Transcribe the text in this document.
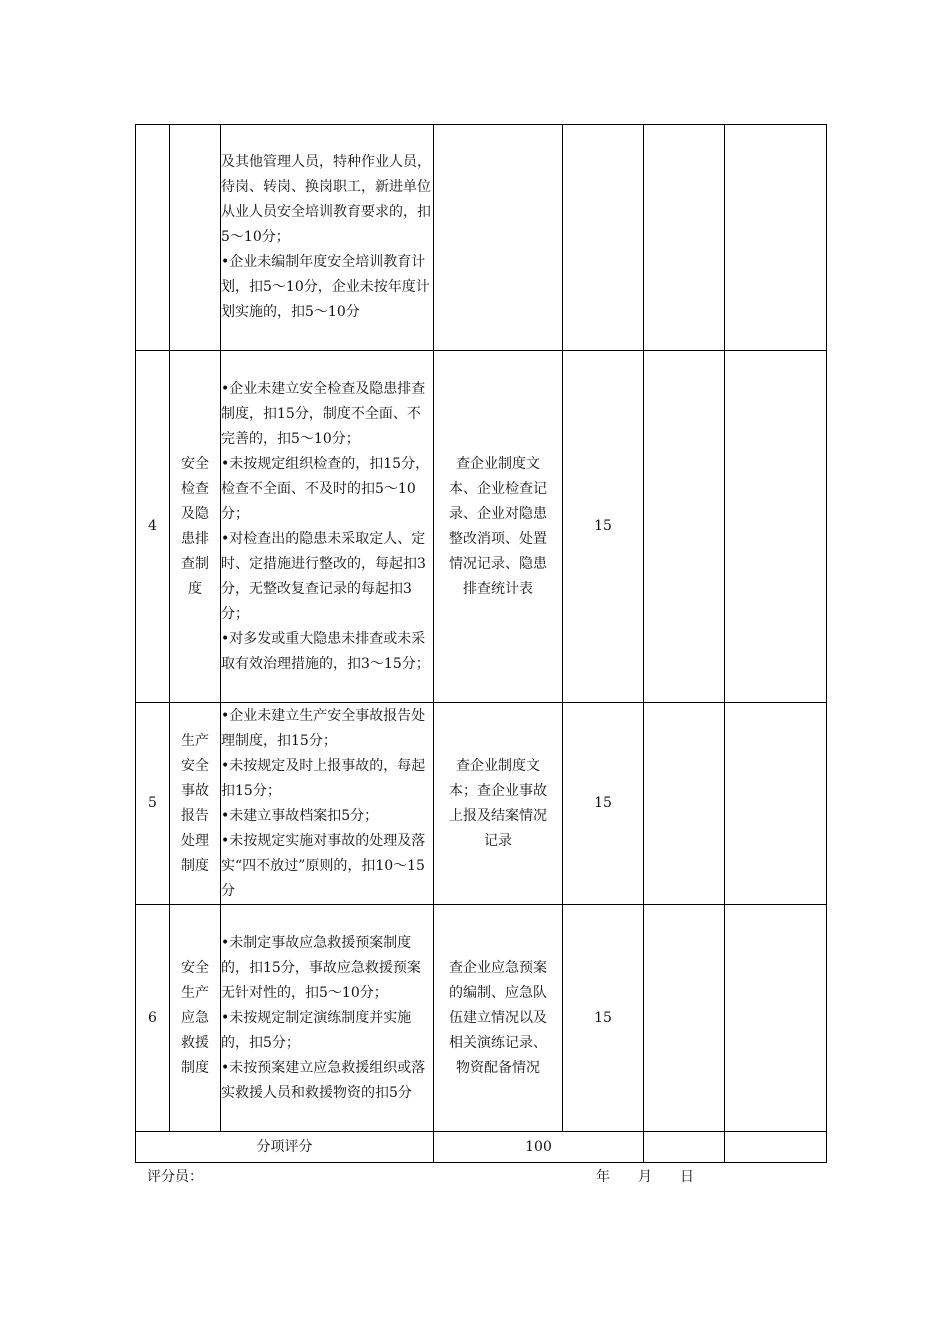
		及其他管理人员，特种作业人员，待岗、转岗、换岗职工，新进单位从业人员安全培训教育要求的，扣5～10分；
•企业未编制年度安全培训教育计划，扣5～10分，企业未按年度计划实施的，扣5～10分				

4	安全检查及隐患排查制度	•企业未建立安全检查及隐患排查制度，扣15分，制度不全面、不完善的，扣5～10分；
•未按规定组织检查的，扣15分，检查不全面、不及时的扣5～10分；
•对检查出的隐患未采取定人、定时、定措施进行整改的，每起扣3分，无整改复查记录的每起扣3分；
•对多发或重大隐患未排查或未采取有效治理措施的，扣3～15分；	查企业制度文本、企业检查记录、企业对隐患整改消项、处置情况记录、隐患排查统计表	15		
5	生产安全事故报告处理制度	•企业未建立生产安全事故报告处理制度，扣15分；
•未按规定及时上报事故的，每起扣15分；
•未建立事故档案扣5分；
•未按规定实施对事故的处理及落实“四不放过”原则的，扣10～15分	查企业制度文本；查企业事故上报及结案情况记录	15		
6	安全生产应急救援制度	•未制定事故应急救援预案制度的，扣15分，事故应急救援预案无针对性的，扣5～10分；
•未按规定制定演练制度并实施的，扣5分；
•未按预案建立应急救援组织或落实救援人员和救援物资的扣5分	查企业应急预案的编制、应急队伍建立情况以及相关演练记录、物资配备情况	15		
分项评分			100			
评分员：	年　　月　　日
